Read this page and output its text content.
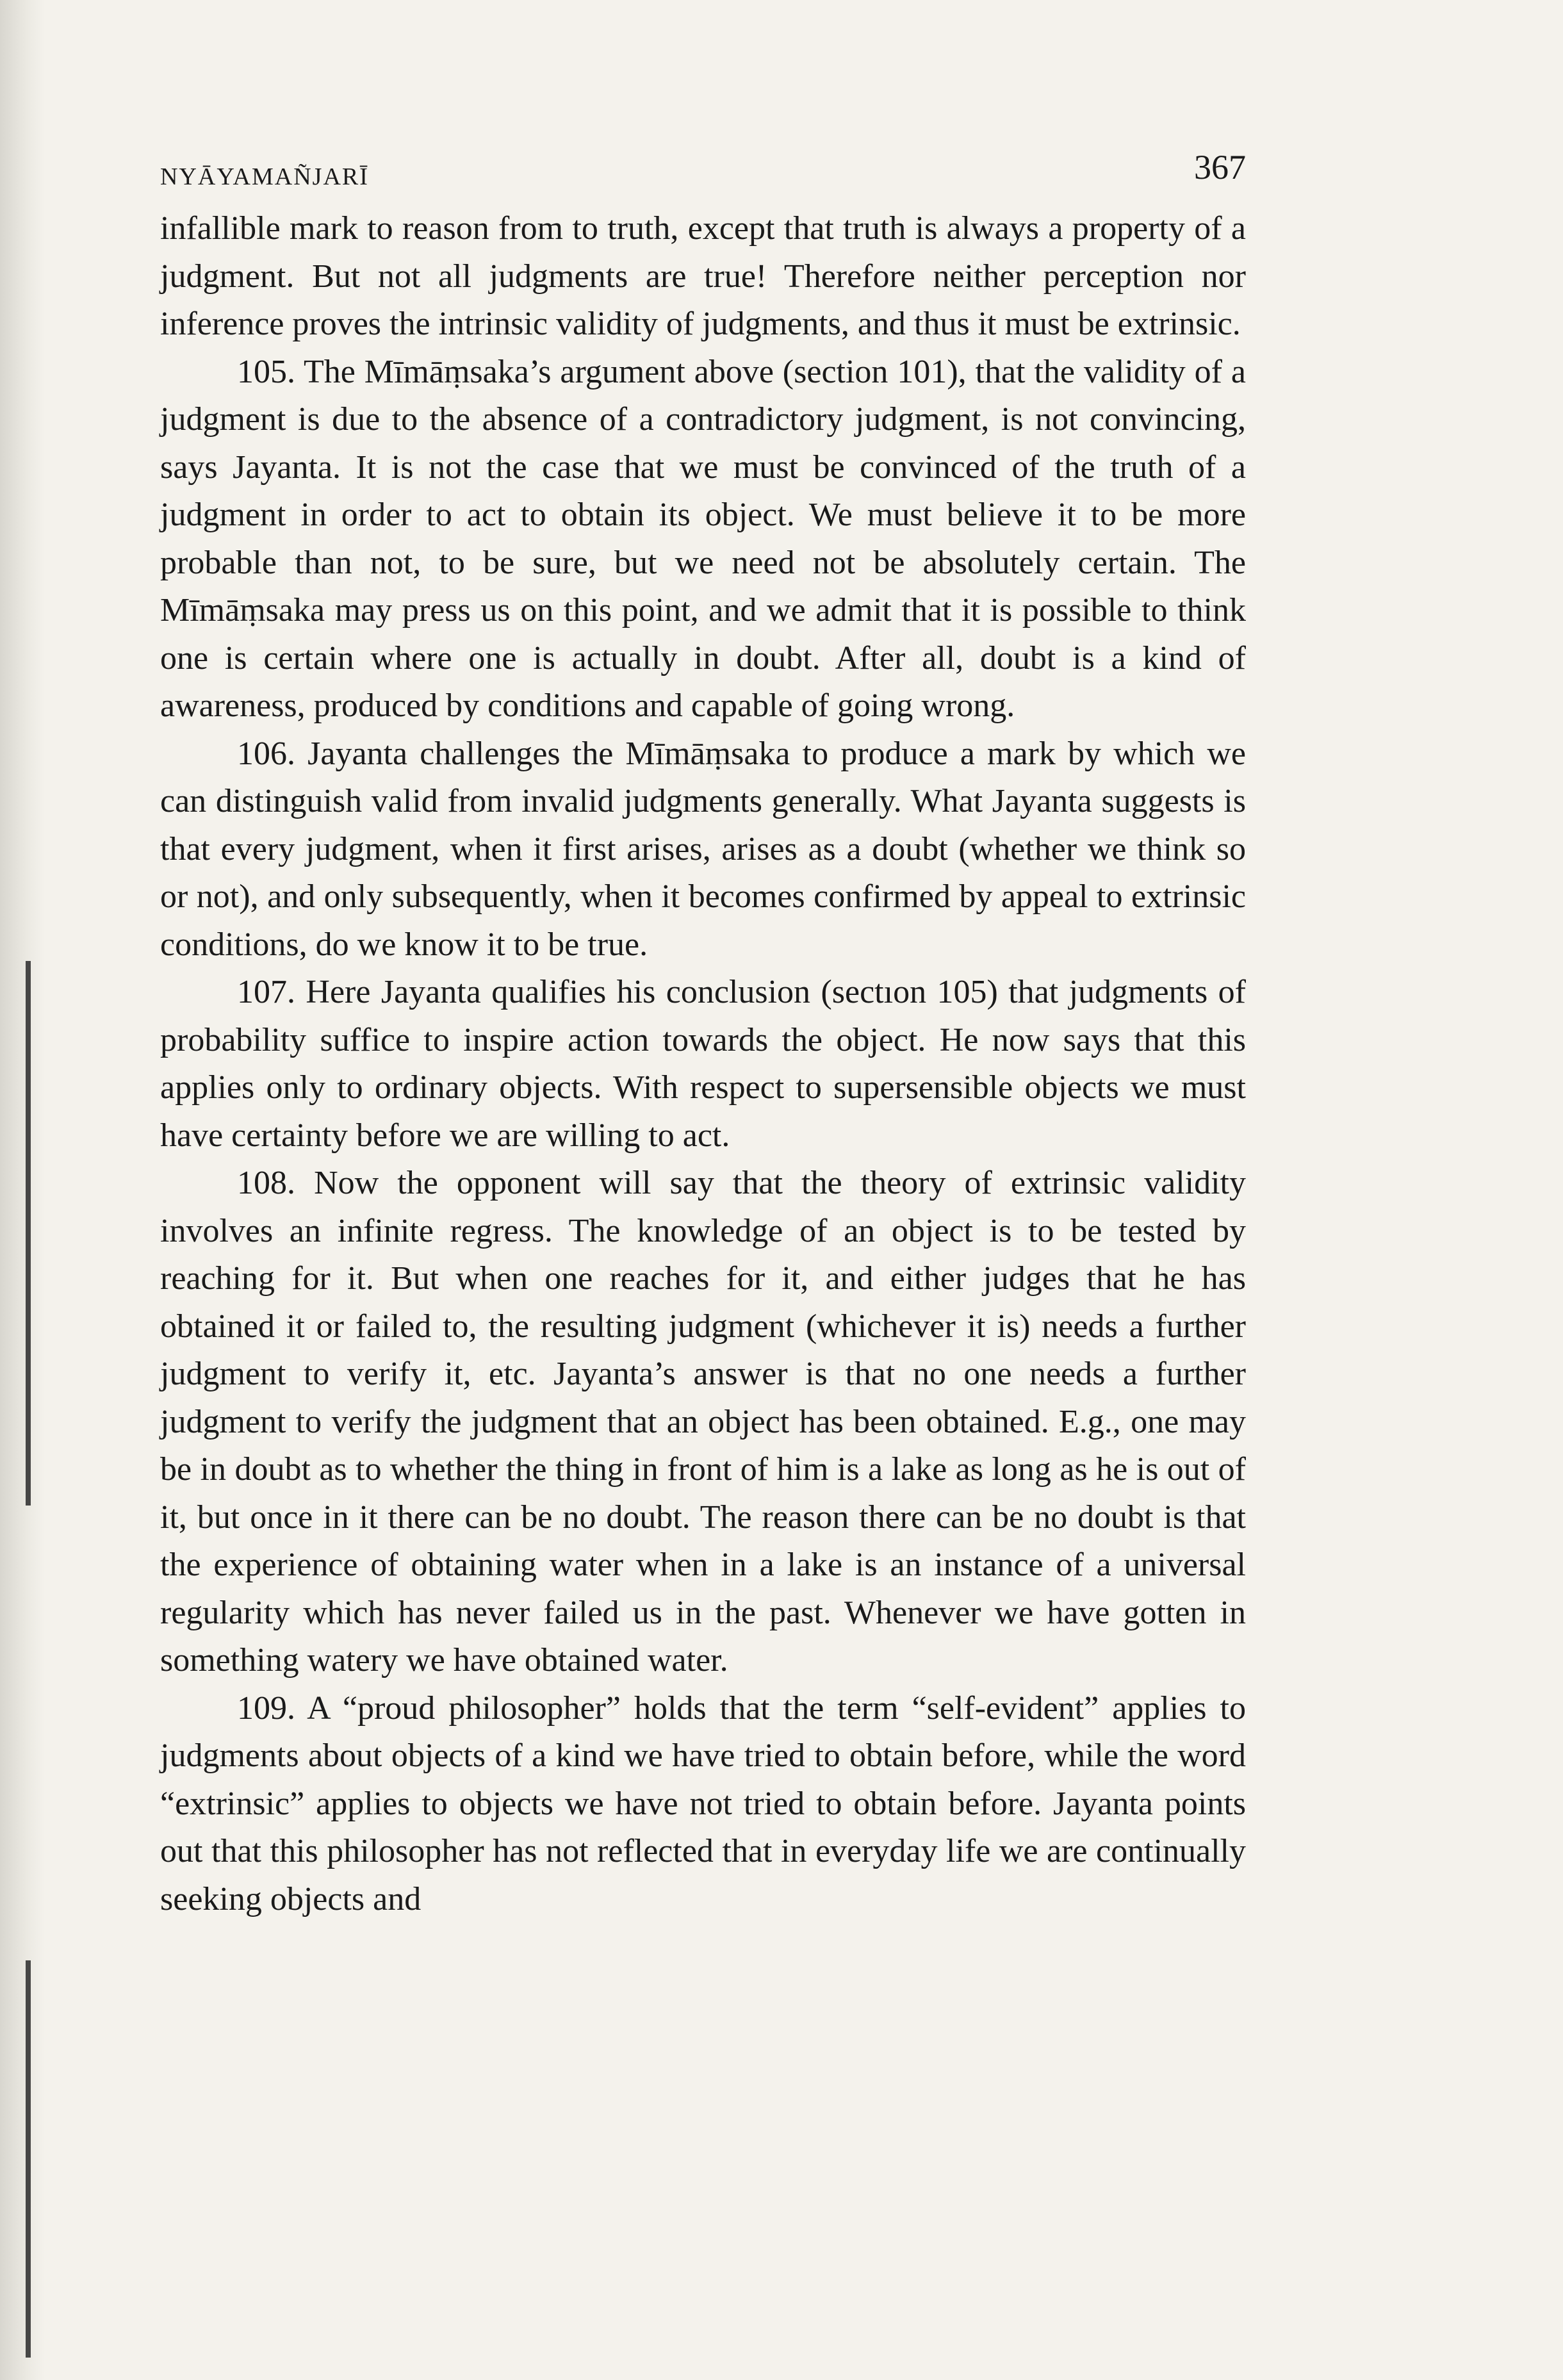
NYĀYAMAÑJARĪ	367

infallible mark to reason from to truth, except that truth is always a property of a judgment. But not all judgments are true! Therefore neither perception nor inference proves the intrinsic validity of judgments, and thus it must be extrinsic.

105. The Mīmāṃsaka’s argument above (section 101), that the validity of a judgment is due to the absence of a contradictory judgment, is not convincing, says Jayanta. It is not the case that we must be convinced of the truth of a judgment in order to act to obtain its object. We must believe it to be more probable than not, to be sure, but we need not be absolutely certain. The Mīmāṃsaka may press us on this point, and we admit that it is possible to think one is certain where one is actually in doubt. After all, doubt is a kind of awareness, produced by conditions and capable of going wrong.

106. Jayanta challenges the Mīmāṃsaka to produce a mark by which we can distinguish valid from invalid judgments generally. What Jayanta suggests is that every judgment, when it first arises, arises as a doubt (whether we think so or not), and only subsequently, when it becomes confirmed by appeal to extrinsic conditions, do we know it to be true.

107. Here Jayanta qualifies his conclusion (sectıon 105) that judgments of probability suffice to inspire action towards the object. He now says that this applies only to ordinary objects. With respect to supersensible objects we must have certainty before we are willing to act.

108. Now the opponent will say that the theory of extrinsic validity involves an infinite regress. The knowledge of an object is to be tested by reaching for it. But when one reaches for it, and either judges that he has obtained it or failed to, the resulting judgment (whichever it is) needs a further judgment to verify it, etc. Jayanta’s answer is that no one needs a further judgment to verify the judgment that an object has been obtained. E.g., one may be in doubt as to whether the thing in front of him is a lake as long as he is out of it, but once in it there can be no doubt. The reason there can be no doubt is that the experience of obtaining water when in a lake is an instance of a universal regularity which has never failed us in the past. Whenever we have gotten in something watery we have obtained water.

109. A “proud philosopher” holds that the term “self-evident” applies to judgments about objects of a kind we have tried to obtain before, while the word “extrinsic” applies to objects we have not tried to obtain before. Jayanta points out that this philosopher has not reflected that in everyday life we are continually seeking objects and
